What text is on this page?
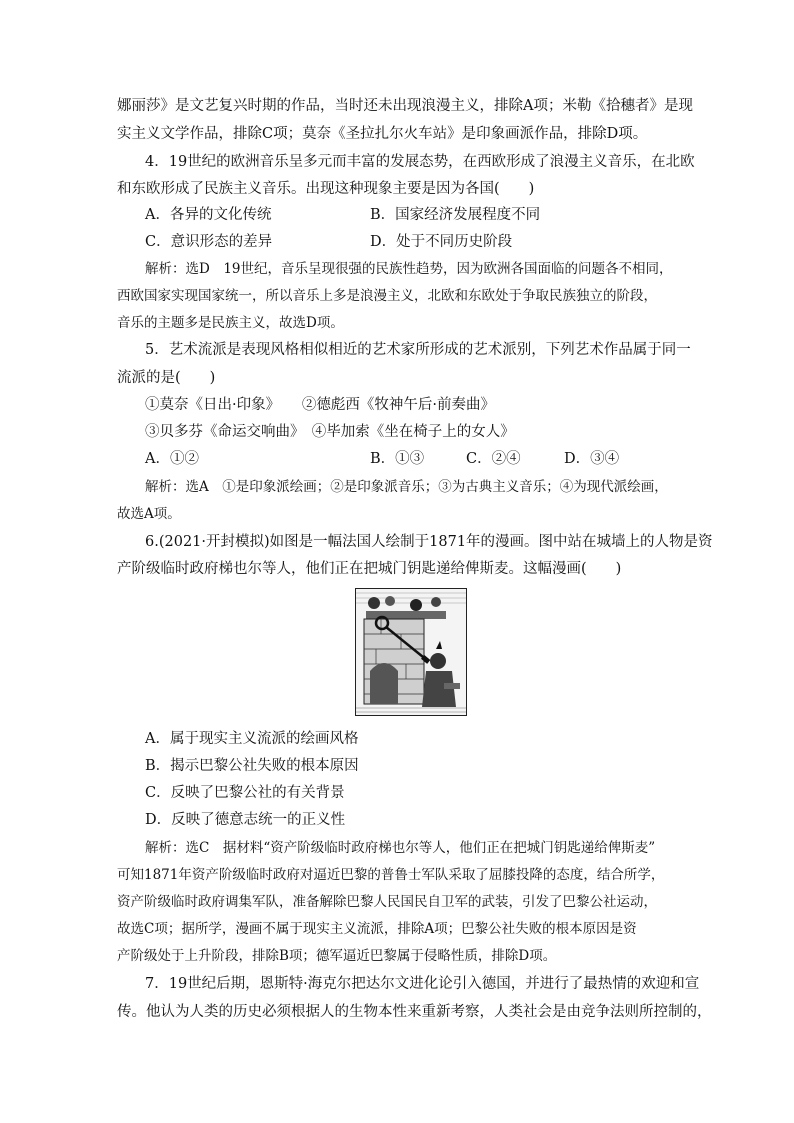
娜丽莎》是文艺复兴时期的作品，当时还未出现浪漫主义，排除A项；米勒《拾穗者》是现
实主义文学作品，排除C项；莫奈《圣拉扎尔火车站》是印象画派作品，排除D项。
4．19世纪的欧洲音乐呈多元而丰富的发展态势，在西欧形成了浪漫主义音乐，在北欧
和东欧形成了民族主义音乐。出现这种现象主要是因为各国(　　)
A．各异的文化传统	B．国家经济发展程度不同
C．意识形态的差异	D．处于不同历史阶段
解析：选D　19世纪，音乐呈现很强的民族性趋势，因为欧洲各国面临的问题各不相同，
西欧国家实现国家统一，所以音乐上多是浪漫主义，北欧和东欧处于争取民族独立的阶段，
音乐的主题多是民族主义，故选D项。
5．艺术流派是表现风格相似相近的艺术家所形成的艺术派别，下列艺术作品属于同一
流派的是(　　)
①莫奈《日出·印象》　　②德彪西《牧神午后·前奏曲》
③贝多芬《命运交响曲》　④毕加索《坐在椅子上的女人》
A．①②	B．①③	C．②④	D．③④
解析：选A　①是印象派绘画；②是印象派音乐；③为古典主义音乐；④为现代派绘画，
故选A项。
6.(2021·开封模拟)如图是一幅法国人绘制于1871年的漫画。图中站在城墙上的人物是资
产阶级临时政府梯也尔等人，他们正在把城门钥匙递给俾斯麦。这幅漫画(　　)
A．属于现实主义流派的绘画风格
B．揭示巴黎公社失败的根本原因
C．反映了巴黎公社的有关背景
D．反映了德意志统一的正义性
解析：选C　据材料“资产阶级临时政府梯也尔等人，他们正在把城门钥匙递给俾斯麦”
可知1871年资产阶级临时政府对逼近巴黎的普鲁士军队采取了屈膝投降的态度，结合所学，
资产阶级临时政府调集军队，准备解除巴黎人民国民自卫军的武装，引发了巴黎公社运动，
故选C项；据所学，漫画不属于现实主义流派，排除A项；巴黎公社失败的根本原因是资
产阶级处于上升阶段，排除B项；德军逼近巴黎属于侵略性质，排除D项。
7．19世纪后期，恩斯特·海克尔把达尔文进化论引入德国，并进行了最热情的欢迎和宣
传。他认为人类的历史必须根据人的生物本性来重新考察，人类社会是由竞争法则所控制的，
